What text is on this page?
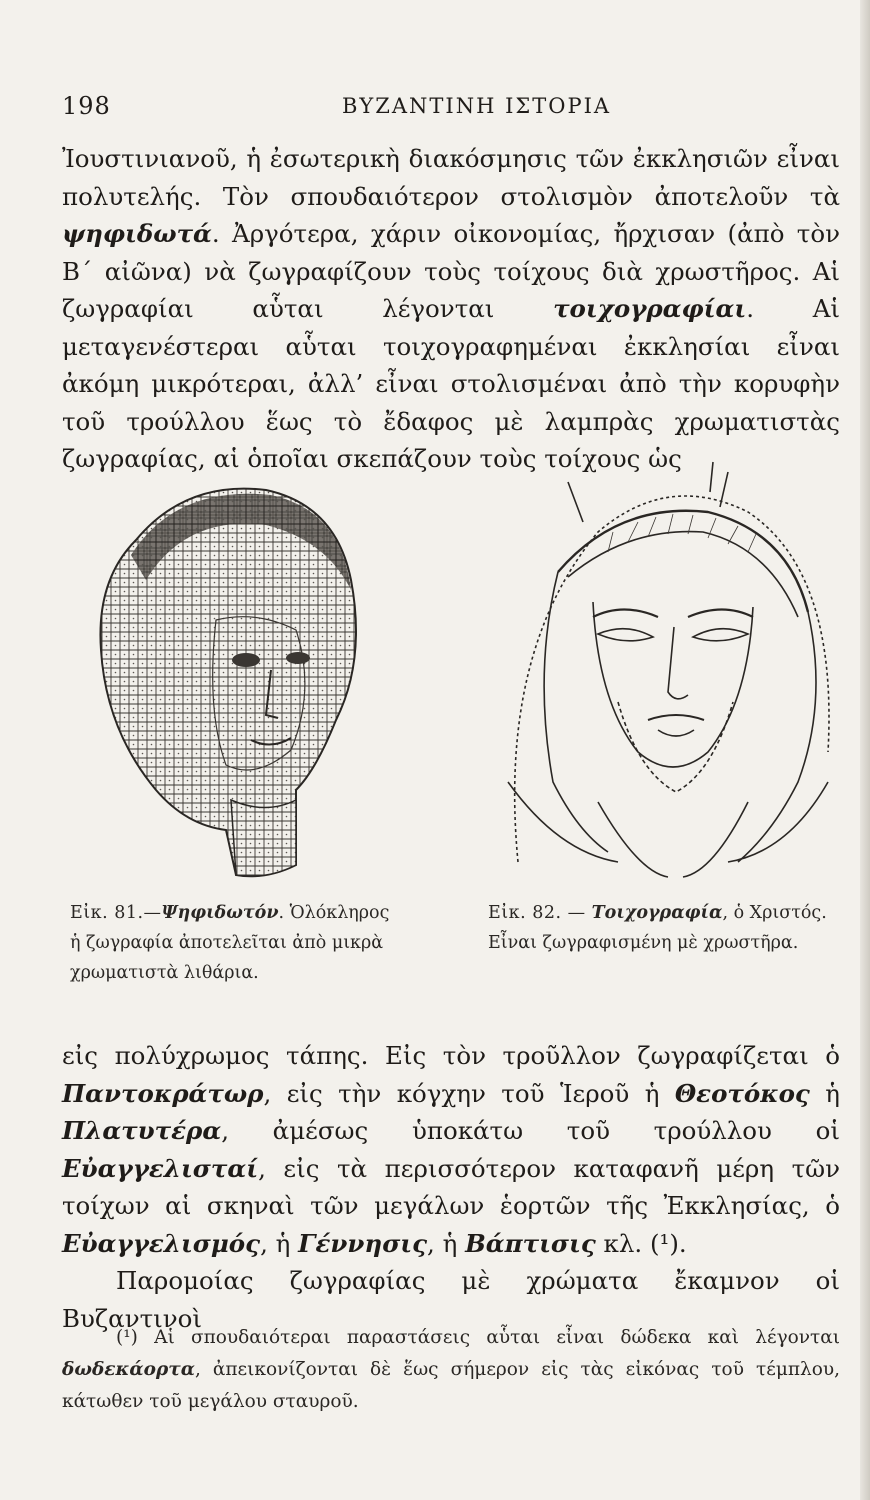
198	ΒΥΖΑΝΤΙΝΗ ΙΣΤΟΡΙΑ

Ἰουστινιανοῦ, ἡ ἐσωτερικὴ διακόσμησις τῶν ἐκκλησιῶν εἶναι πολυτελής. Τὸν σπουδαιότερον στολισμὸν ἀποτελοῦν τὰ ψηφιδωτά. Ἀργότερα, χάριν οἰκονομίας, ἤρχισαν (ἀπὸ τὸν Β΄ αἰῶνα) νὰ ζωγραφίζουν τοὺς τοίχους διὰ χρωστῆρος. Αἱ ζωγραφίαι αὗται λέγονται τοιχογραφίαι. Αἱ μεταγενέστεραι αὗται τοιχογραφημέναι ἐκκλησίαι εἶναι ἀκόμη μικρότεραι, ἀλλ’ εἶναι στολισμέναι ἀπὸ τὴν κορυφὴν τοῦ τρούλλου ἕως τὸ ἔδαφος μὲ λαμπρὰς χρωματιστὰς ζωγραφίας, αἱ ὁποῖαι σκεπάζουν τοὺς τοίχους ὡς

Εἰκ. 81.—Ψηφιδωτόν. Ὁλόκληρος ἡ ζωγραφία ἀποτελεῖται ἀπὸ μικρὰ χρωματιστὰ λιθάρια.
Εἰκ. 82. — Τοιχογραφία, ὁ Χριστός. Εἶναι ζωγραφισμένη μὲ χρωστῆρα.

εἰς πολύχρωμος τάπης. Εἰς τὸν τροῦλλον ζωγραφίζεται ὁ Παντοκράτωρ, εἰς τὴν κόγχην τοῦ Ἱεροῦ ἡ Θεοτόκος ἡ Πλατυτέρα, ἀμέσως ὑποκάτω τοῦ τρούλλου οἱ Εὐαγγελισταί, εἰς τὰ περισσότερον καταφανῆ μέρη τῶν τοίχων αἱ σκηναὶ τῶν μεγάλων ἑορτῶν τῆς Ἐκκλησίας, ὁ Εὐαγγελισμός, ἡ Γέννησις, ἡ Βάπτισις κλ. (¹).

Παρομοίας ζωγραφίας μὲ χρώματα ἔκαμνον οἱ Βυζαντινοὶ

(¹) Αἱ σπουδαιότεραι παραστάσεις αὗται εἶναι δώδεκα καὶ λέγονται δωδεκάορτα, ἀπεικονίζονται δὲ ἕως σήμερον εἰς τὰς εἰκόνας τοῦ τέμπλου, κάτωθεν τοῦ μεγάλου σταυροῦ.
